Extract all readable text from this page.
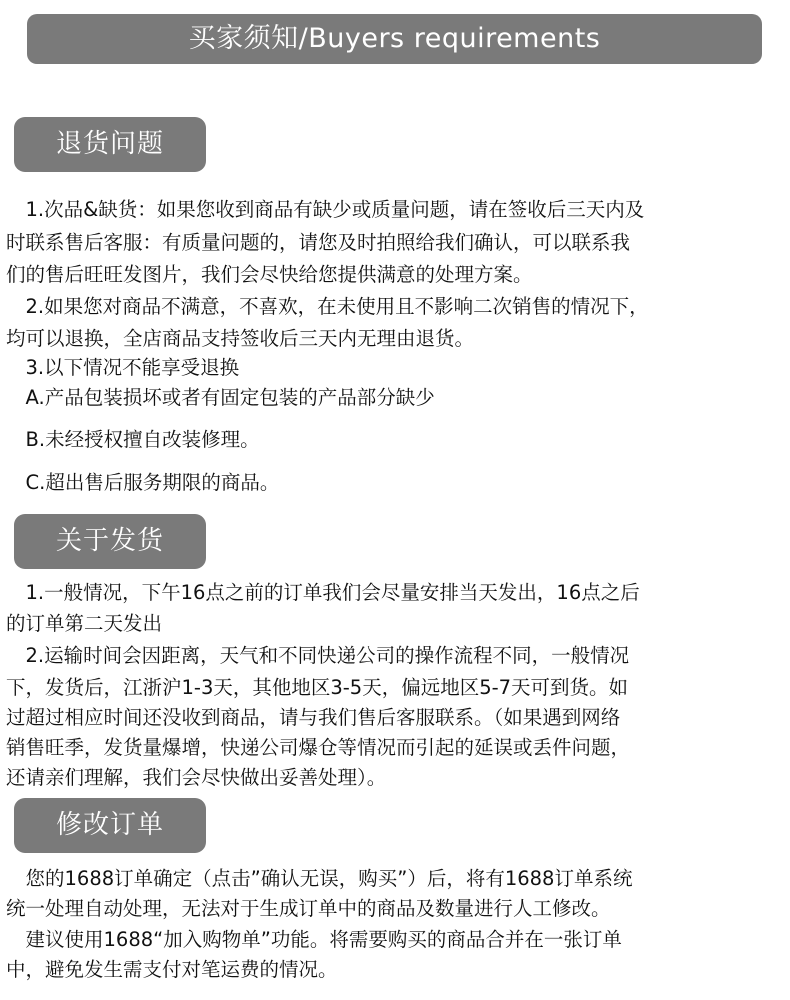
买家须知/Buyers requirements
退货问题
　1.次品&缺货：如果您收到商品有缺少或质量问题，请在签收后三天内及
时联系售后客服：有质量问题的，请您及时拍照给我们确认，可以联系我
们的售后旺旺发图片，我们会尽快给您提供满意的处理方案。
　2.如果您对商品不满意，不喜欢，在未使用且不影响二次销售的情况下，
均可以退换，全店商品支持签收后三天内无理由退货。
　3.以下情况不能享受退换
　A.产品包装损坏或者有固定包装的产品部分缺少
　B.未经授权擅自改装修理。
　C.超出售后服务期限的商品。
关于发货
　1.一般情况，下午16点之前的订单我们会尽量安排当天发出，16点之后
的订单第二天发出
　2.运输时间会因距离，天气和不同快递公司的操作流程不同，一般情况
下，发货后，江浙沪1-3天，其他地区3-5天，偏远地区5-7天可到货。如
过超过相应时间还没收到商品，请与我们售后客服联系。（如果遇到网络
销售旺季，发货量爆增，快递公司爆仓等情况而引起的延误或丢件问题，
还请亲们理解，我们会尽快做出妥善处理）。
修改订单
　您的1688订单确定（点击”确认无误，购买”）后，将有1688订单系统
统一处理自动处理，无法对于生成订单中的商品及数量进行人工修改。
　建议使用1688“加入购物单”功能。将需要购买的商品合并在一张订单
中，避免发生需支付对笔运费的情况。
